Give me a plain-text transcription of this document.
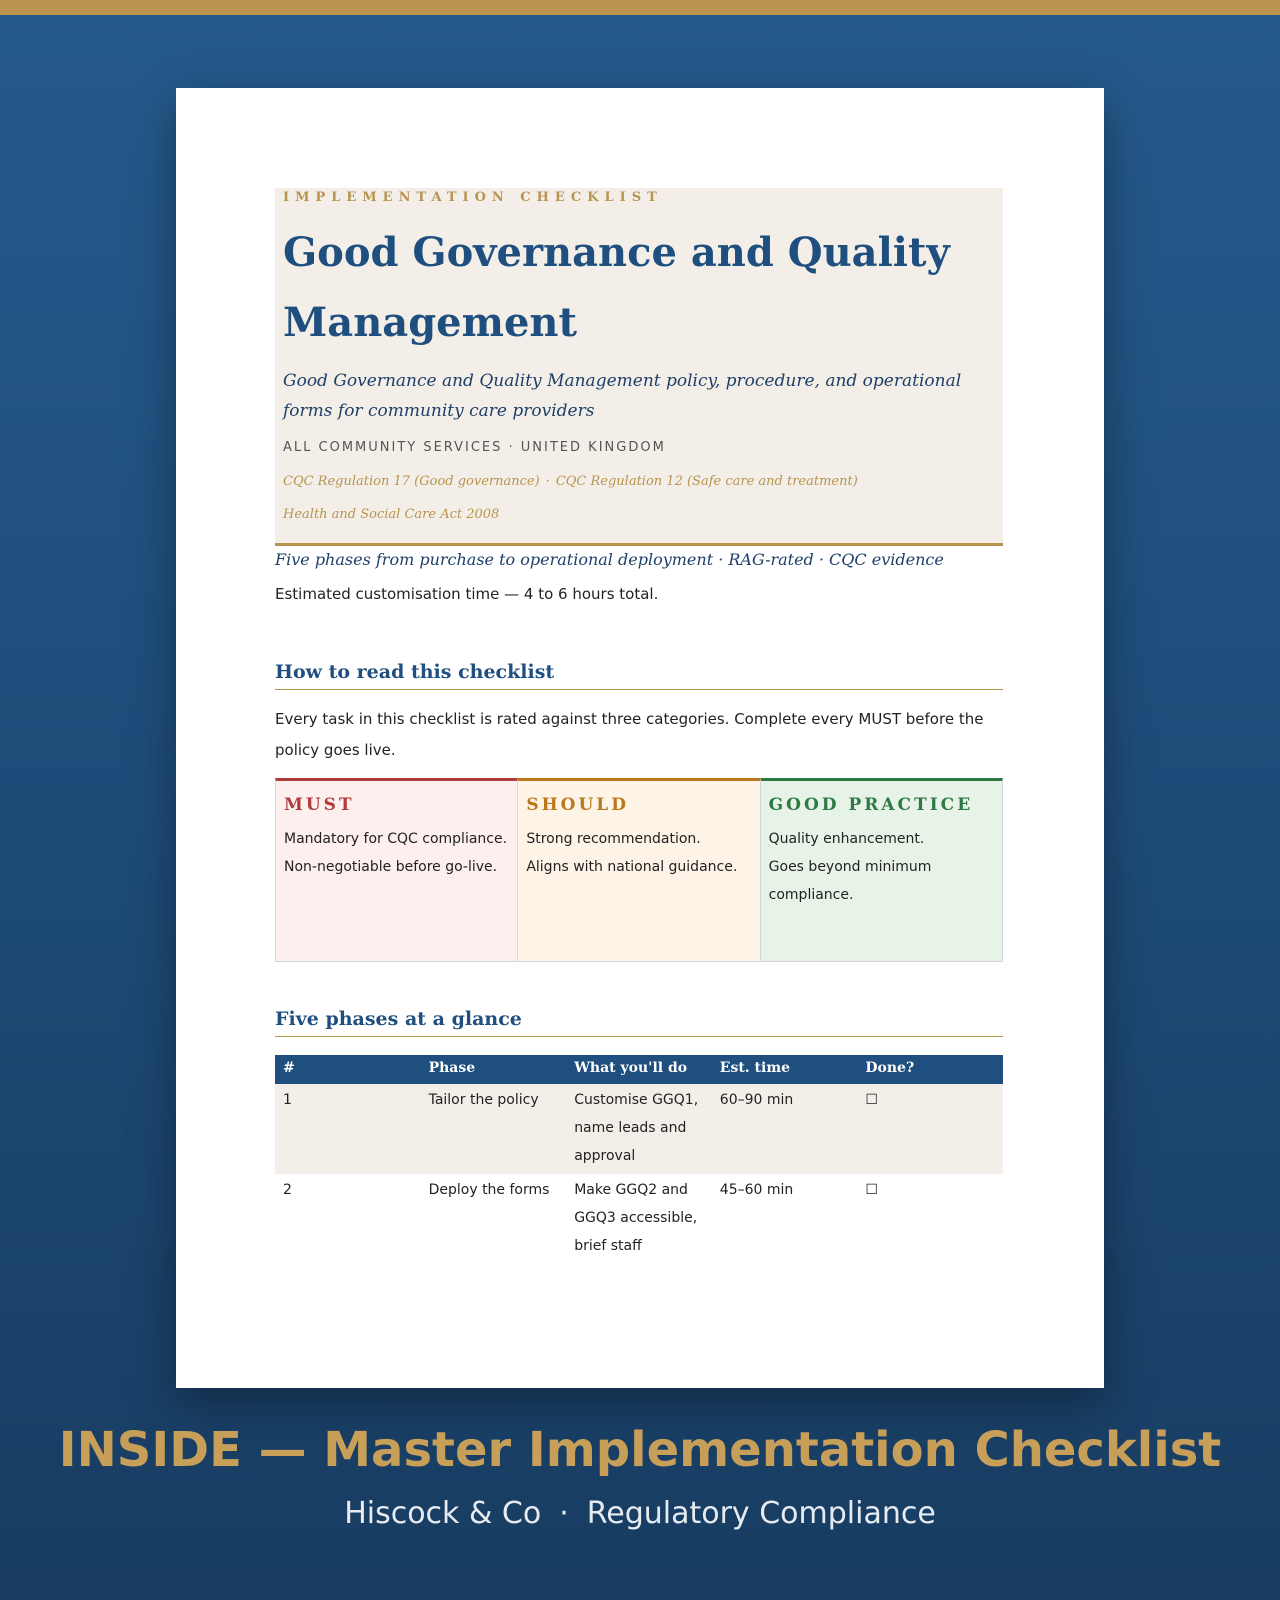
IMPLEMENTATION CHECKLIST
Good Governance and Quality Management
Good Governance and Quality Management policy, procedure, and operational forms for community care providers
ALL COMMUNITY SERVICES · UNITED KINGDOM
CQC Regulation 17 (Good governance) · CQC Regulation 12 (Safe care and treatment)
Health and Social Care Act 2008
Five phases from purchase to operational deployment · RAG-rated · CQC evidence
Estimated customisation time — 4 to 6 hours total.
How to read this checklist
Every task in this checklist is rated against three categories. Complete every MUST before the policy goes live.
MUST
Mandatory for CQC compliance.
Non-negotiable before go-live.
SHOULD
Strong recommendation.
Aligns with national guidance.
GOOD PRACTICE
Quality enhancement.
Goes beyond minimum compliance.
Five phases at a glance
#	Phase	What you'll do	Est. time	Done?
1	Tailor the policy	Customise GGQ1, name leads and approval	60–90 min	☐
2	Deploy the forms	Make GGQ2 and GGQ3 accessible, brief staff	45–60 min	☐
INSIDE — Master Implementation Checklist
Hiscock & Co · Regulatory Compliance
